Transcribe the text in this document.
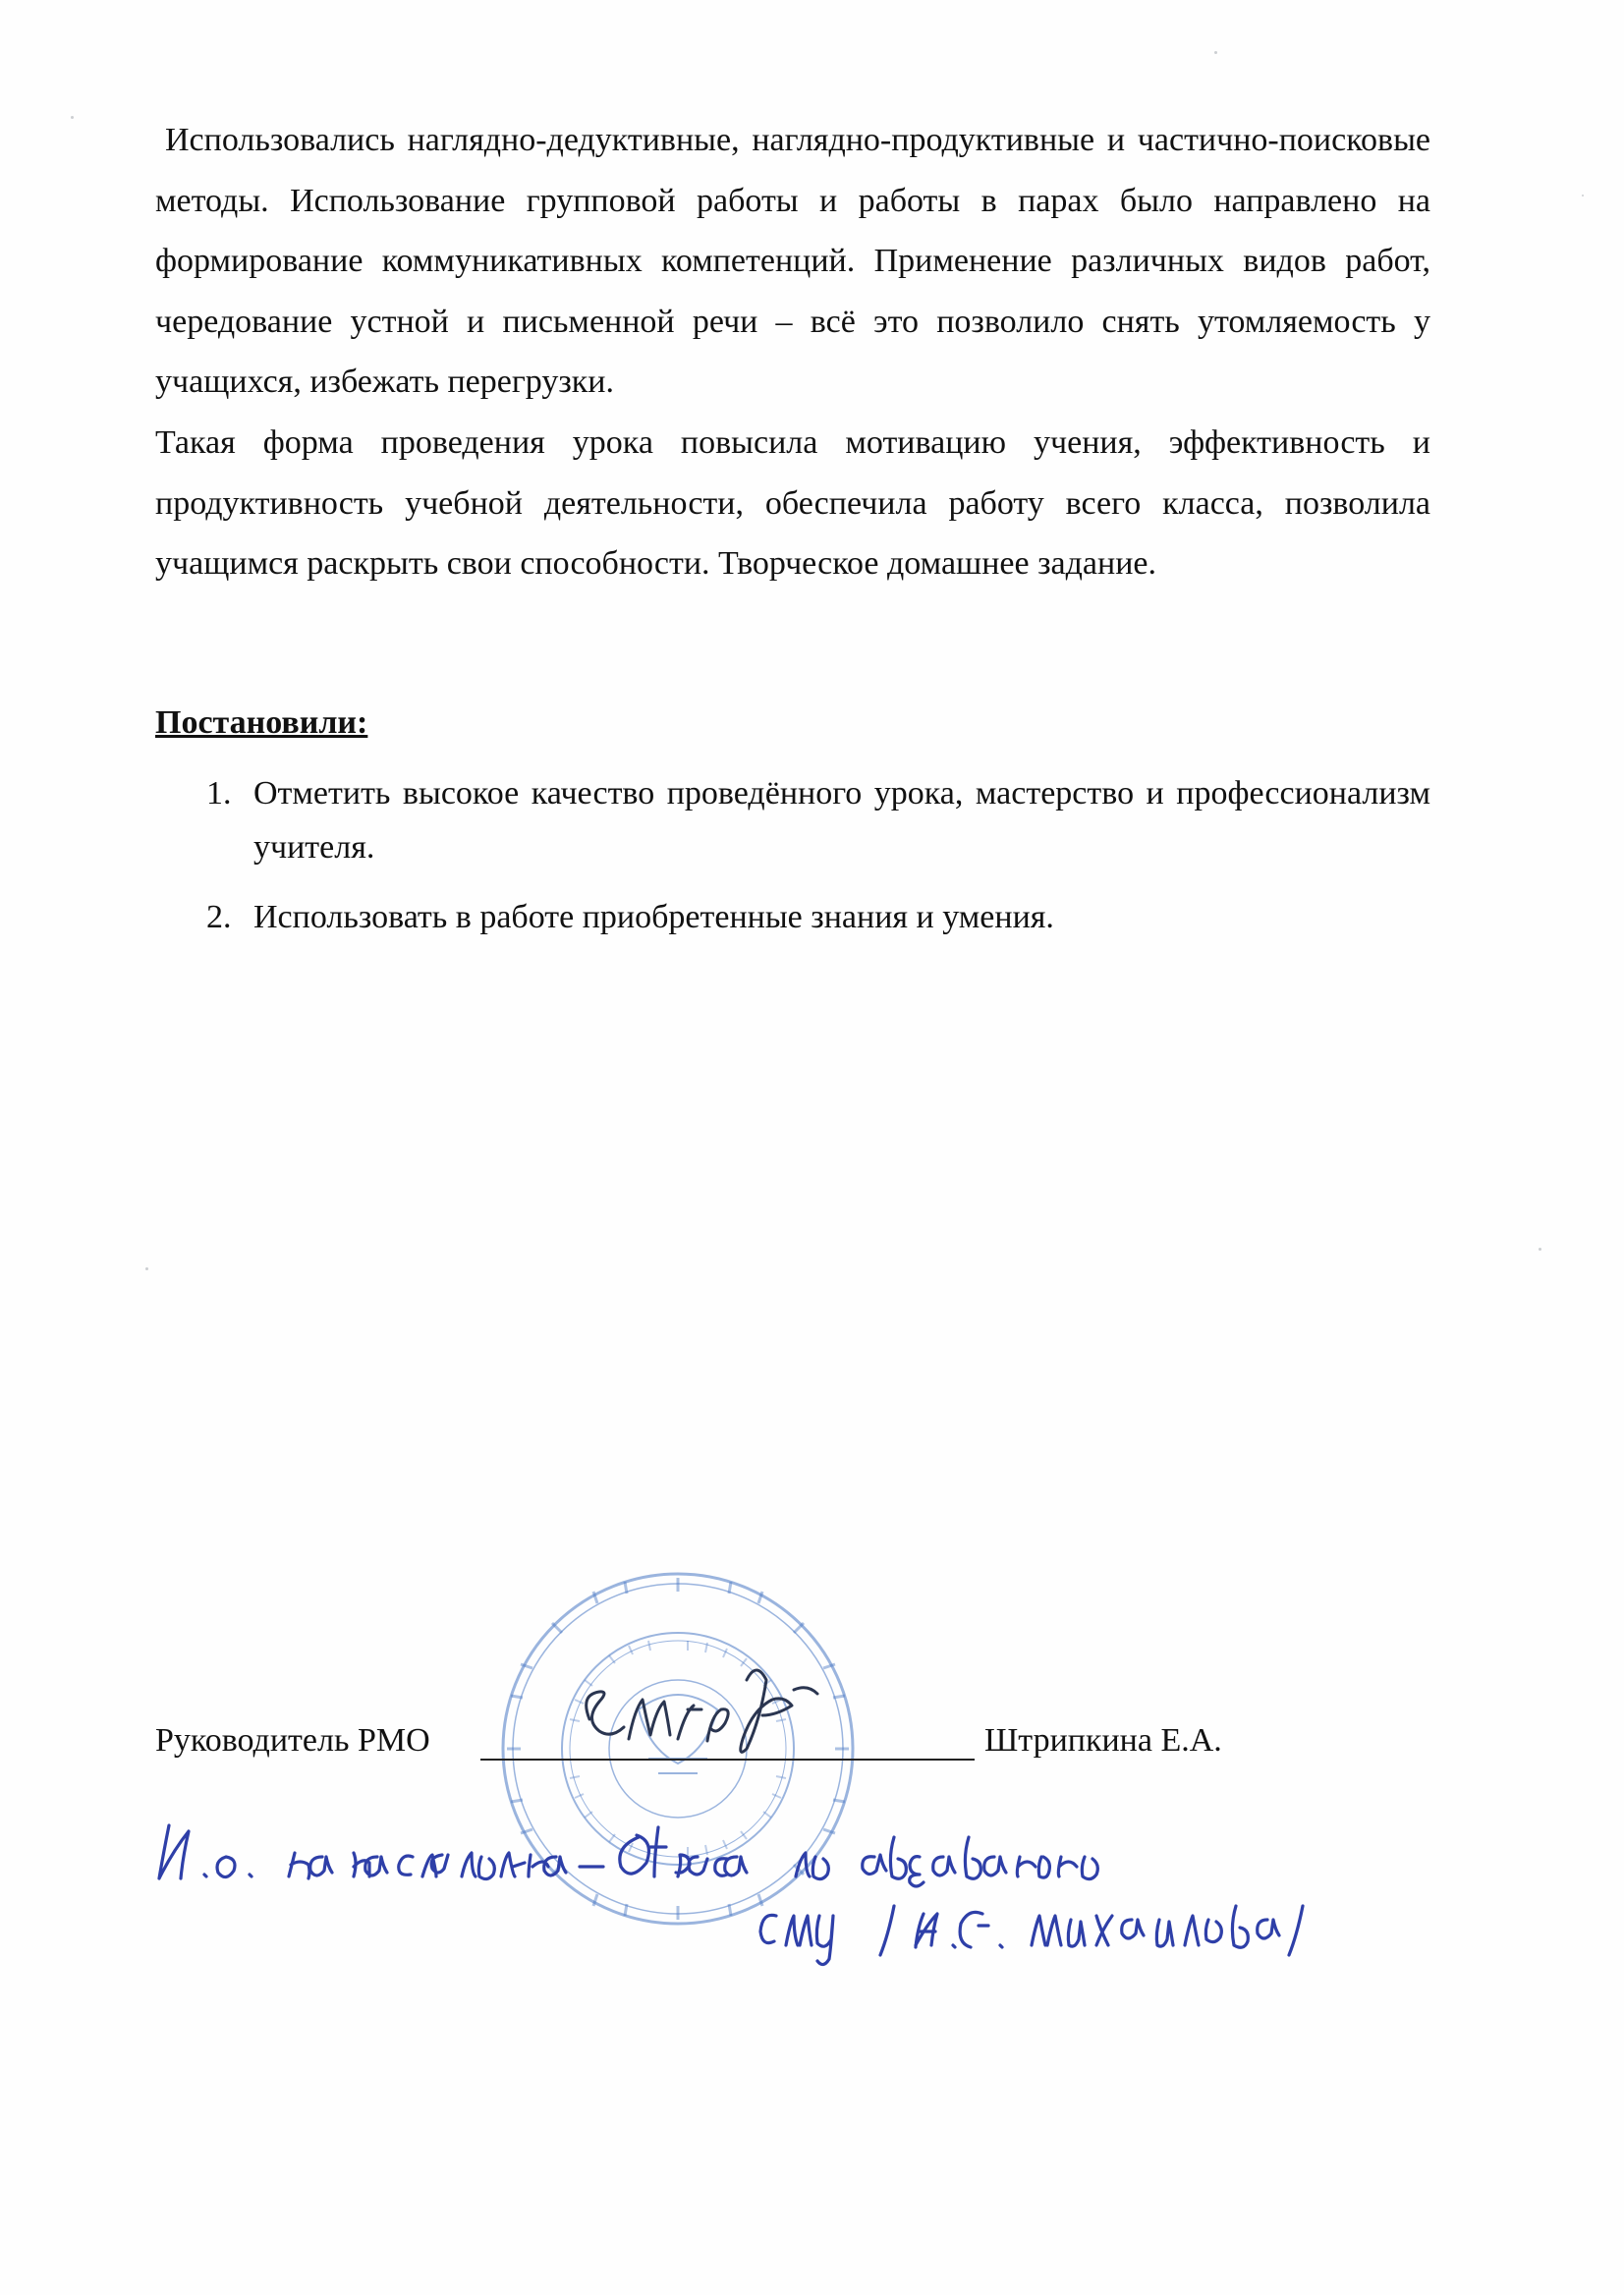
Использовались наглядно-дедуктивные, наглядно-продуктивные и частично-поисковые методы. Использование групповой работы и работы в парах было направлено на формирование коммуникативных компетенций. Применение различных видов работ, чередование устной и письменной речи – всё это позволило снять утомляемость у учащихся, избежать перегрузки.

Такая форма проведения урока повысила мотивацию учения, эффективность и продуктивность учебной деятельности, обеспечила работу всего класса, позволила учащимся раскрыть свои способности. Творческое домашнее задание.

Постановили:
1. Отметить высокое качество проведённого урока, мастерство и профессионализм учителя.
2. Использовать в работе приобретенные знания и умения.
Руководитель РМО	Штрипкина Е.А.
